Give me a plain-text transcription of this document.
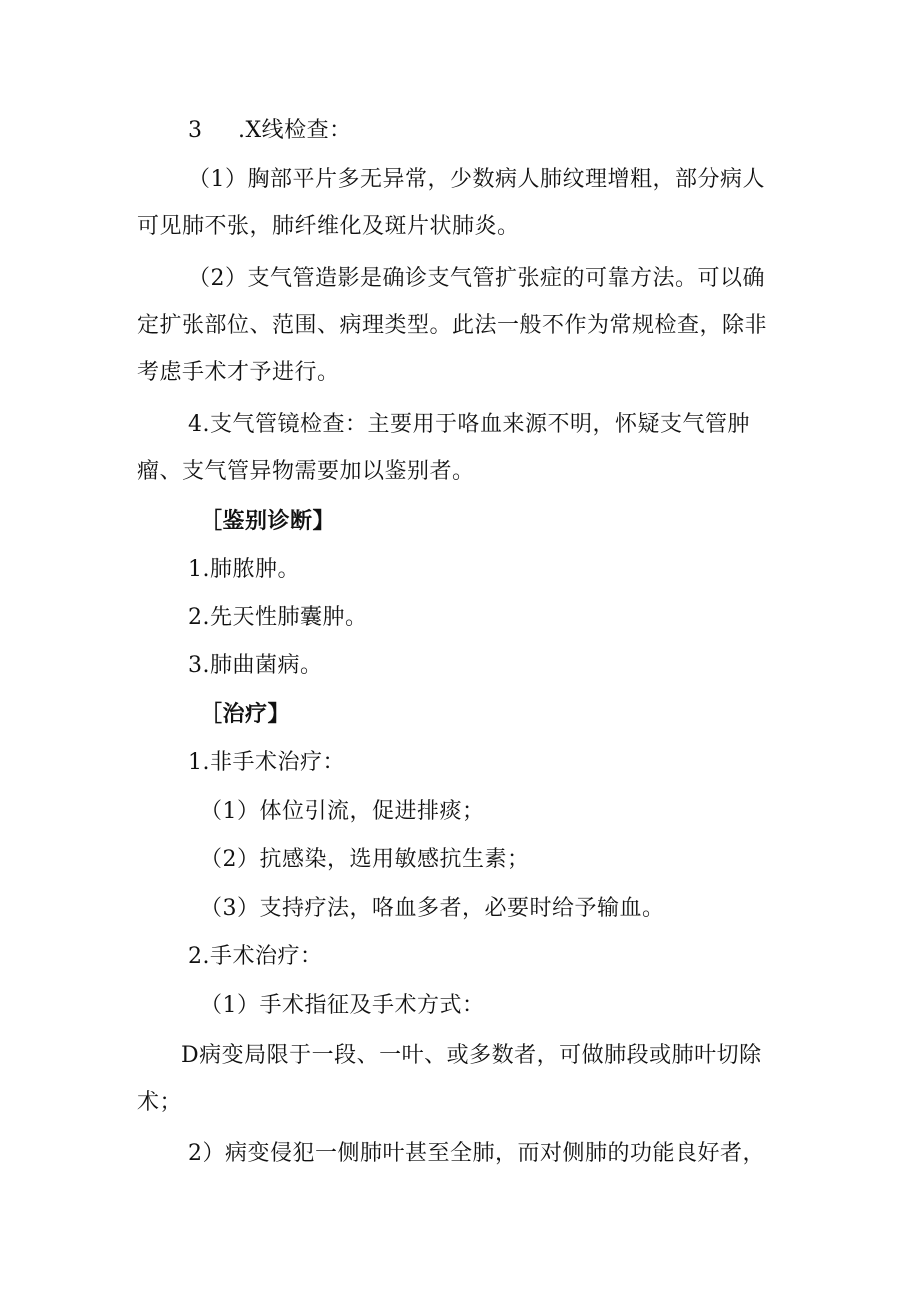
3 .X线检查：
（1）胸部平片多无异常，少数病人肺纹理增粗，部分病人
可见肺不张，肺纤维化及斑片状肺炎。
（2）支气管造影是确诊支气管扩张症的可靠方法。可以确
定扩张部位、范围、病理类型。此法一般不作为常规检查，除非
考虑手术才予进行。
4.支气管镜检查：主要用于咯血来源不明，怀疑支气管肿
瘤、支气管异物需要加以鉴别者。
［鉴别诊断】
1.肺脓肿。
2.先天性肺囊肿。
3.肺曲菌病。
［治疗】
1.非手术治疗：
（1）体位引流，促进排痰；
（2）抗感染，选用敏感抗生素；
（3）支持疗法，咯血多者，必要时给予输血。
2.手术治疗：
（1）手术指征及手术方式：
D病变局限于一段、一叶、或多数者，可做肺段或肺叶切除
术；
2）病变侵犯一侧肺叶甚至全肺，而对侧肺的功能良好者，
